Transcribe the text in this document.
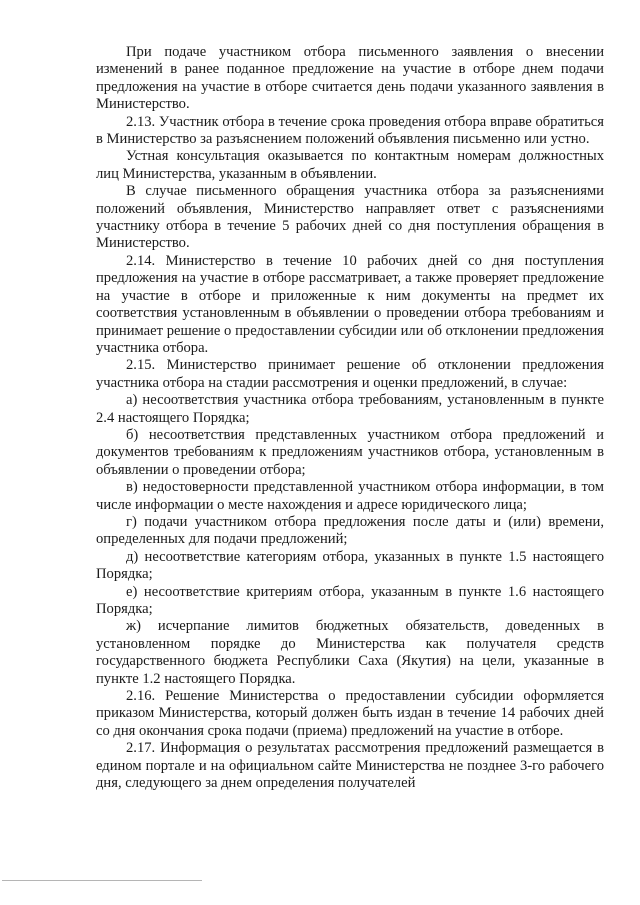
При подаче участником отбора письменного заявления о внесении изменений в ранее поданное предложение на участие в отборе днем подачи предложения на участие в отборе считается день подачи указанного заявления в Министерство.

2.13. Участник отбора в течение срока проведения отбора вправе обратиться в Министерство за разъяснением положений объявления письменно или устно.

Устная консультация оказывается по контактным номерам должностных лиц Министерства, указанным в объявлении.

В случае письменного обращения участника отбора за разъяснениями положений объявления, Министерство направляет ответ с разъяснениями участнику отбора в течение 5 рабочих дней со дня поступления обращения в Министерство.

2.14. Министерство в течение 10 рабочих дней со дня поступления предложения на участие в отборе рассматривает, а также проверяет предложение на участие в отборе и приложенные к ним документы на предмет их соответствия установленным в объявлении о проведении отбора требованиям и принимает решение о предоставлении субсидии или об отклонении предложения участника отбора.

2.15. Министерство принимает решение об отклонении предложения участника отбора на стадии рассмотрения и оценки предложений, в случае:

а) несоответствия участника отбора требованиям, установленным в пункте 2.4 настоящего Порядка;

б) несоответствия представленных участником отбора предложений и документов требованиям к предложениям участников отбора, установленным в объявлении о проведении отбора;

в) недостоверности представленной участником отбора информации, в том числе информации о месте нахождения и адресе юридического лица;

г) подачи участником отбора предложения после даты и (или) времени, определенных для подачи предложений;

д) несоответствие категориям отбора, указанных в пункте 1.5 настоящего Порядка;

е) несоответствие критериям отбора, указанным в пункте 1.6 настоящего Порядка;

ж) исчерпание лимитов бюджетных обязательств, доведенных в установленном порядке до Министерства как получателя средств государственного бюджета Республики Саха (Якутия) на цели, указанные в пункте 1.2 настоящего Порядка.

2.16. Решение Министерства о предоставлении субсидии оформляется приказом Министерства, который должен быть издан в течение 14 рабочих дней со дня окончания срока подачи (приема) предложений на участие в отборе.

2.17. Информация о результатах рассмотрения предложений размещается в едином портале и на официальном сайте Министерства не позднее 3-го рабочего дня, следующего за днем определения получателей
